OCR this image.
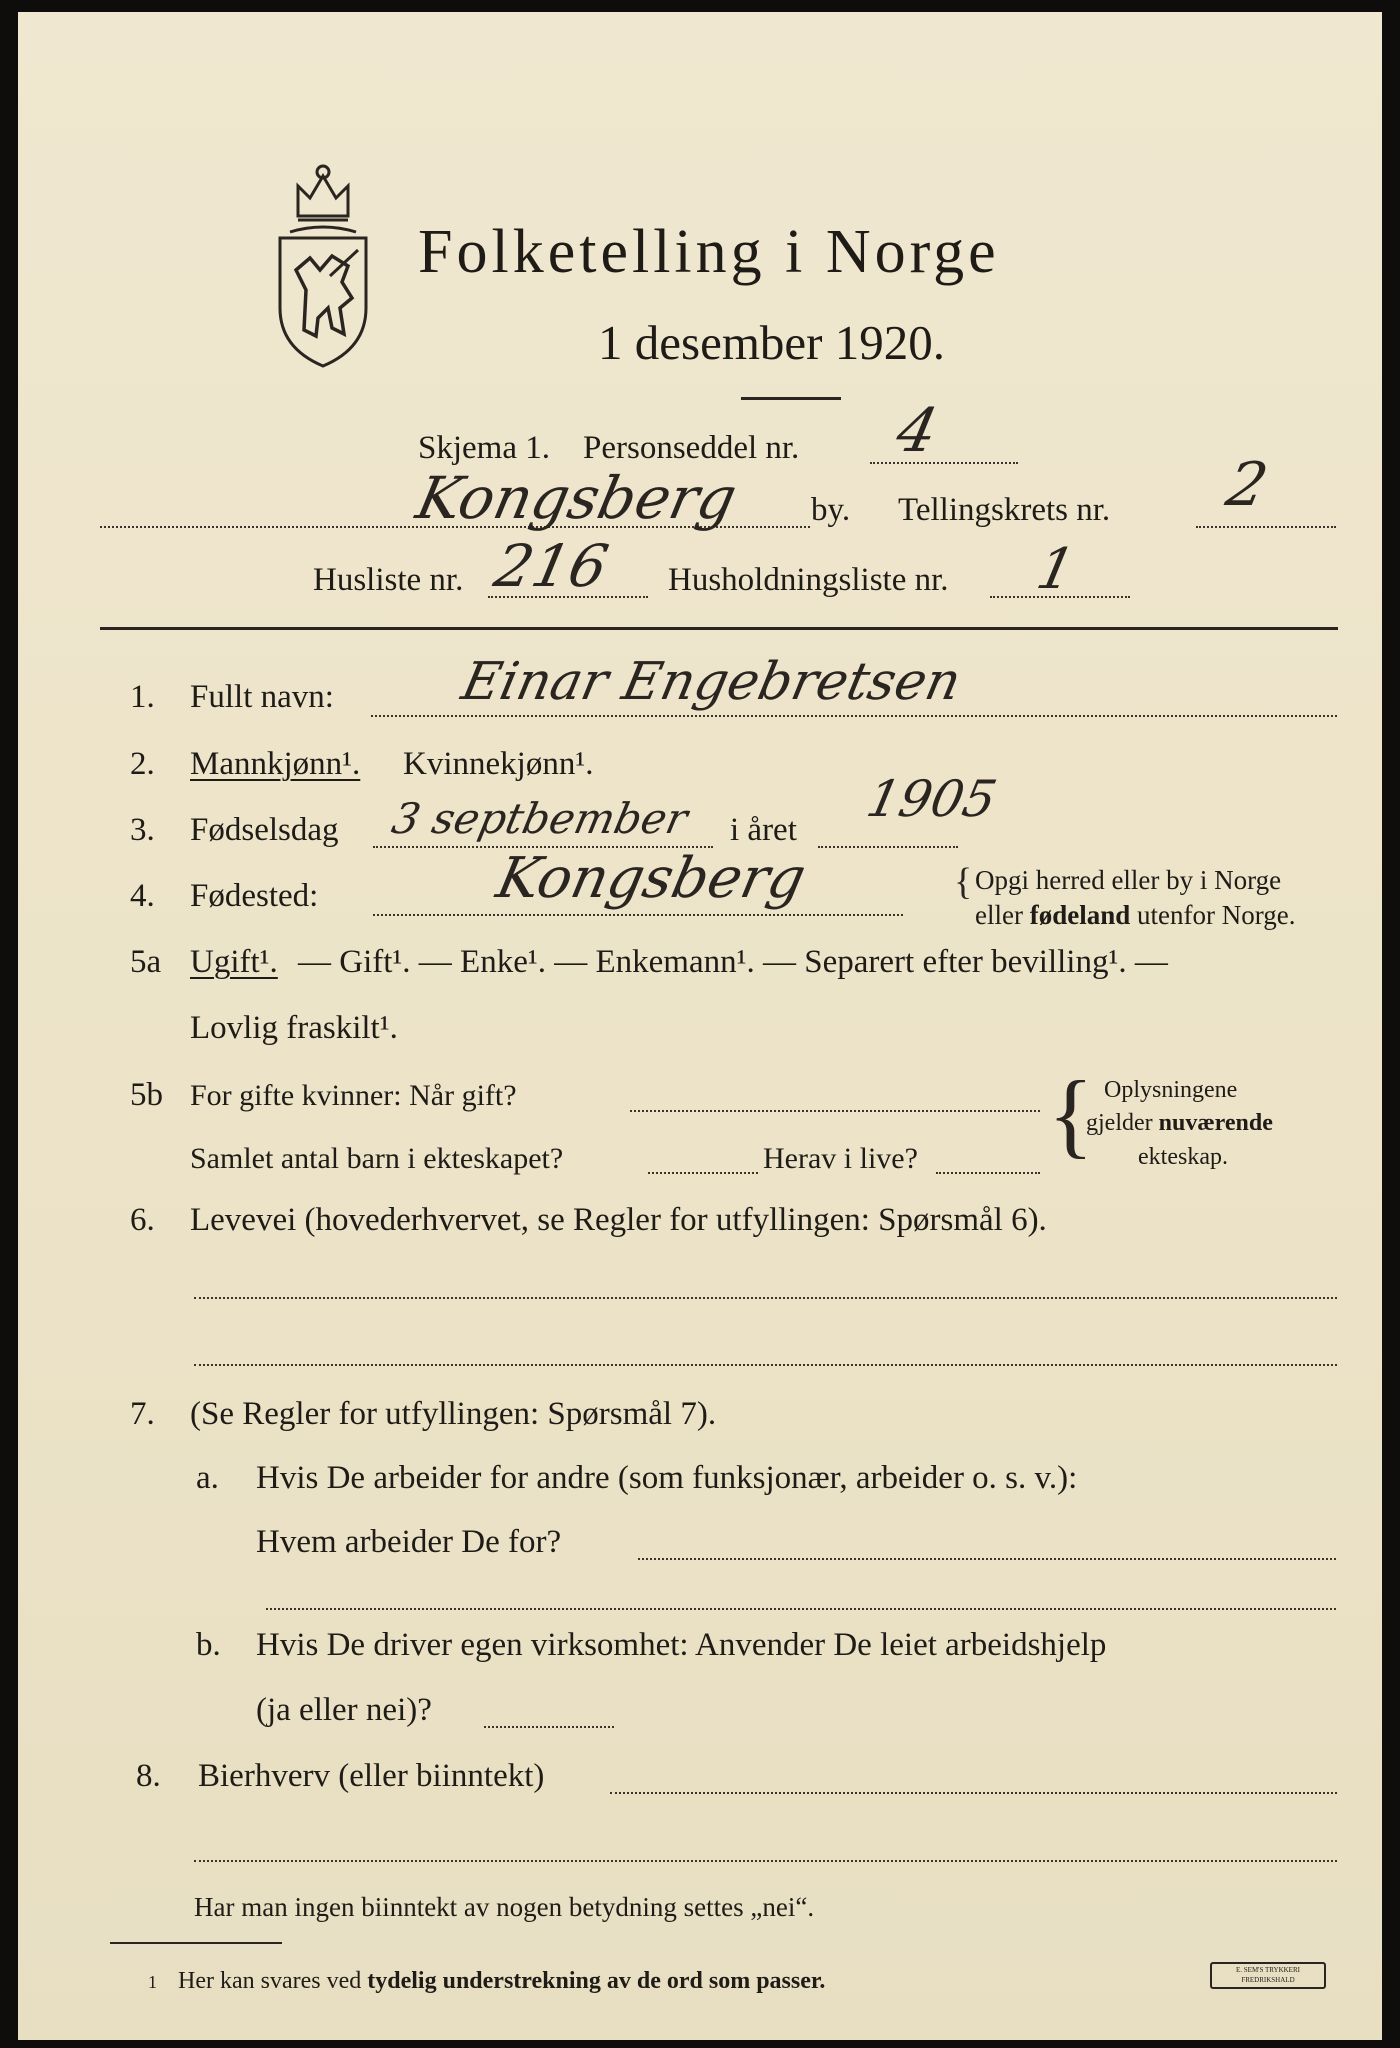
Folketelling i Norge
1 desember 1920.
Skjema 1. Personseddel nr. 4
Kongsberg by. Tellingskrets nr. 2
Husliste nr. 216 Husholdningsliste nr. 1
1. Fullt navn: Einar Engebretsen
2. Mannkjønn¹. Kvinnekjønn¹.
3. Fødselsdag 3 septbember i året
1905
4. Fødested:	Kongsberg	{ Opgi herred eller by i Norge
eller fødeland utenfor Norge.
5a Ugift¹. — Gift¹. — Enke¹. — Enkemann¹. — Separert efter bevilling¹. —
Lovlig fraskilt¹.
5b For gifte kvinner: Når gift?
Samlet antal barn i ekteskapet?	Herav i live? { Oplysningene
gjelder nuværende
ekteskap.
6. Levevei (hovederhvervet, se Regler for utfyllingen: Spørsmål 6).
7. (Se Regler for utfyllingen: Spørsmål 7).
a. Hvis De arbeider for andre (som funksjonær, arbeider o. s. v.):
Hvem arbeider De for?
b. Hvis De driver egen virksomhet: Anvender De leiet arbeidshjelp
(ja eller nei)?
8. Bierhverv (eller biinntekt)
Har man ingen biinntekt av nogen betydning settes „nei“.
1 Her kan svares ved tydelig understrekning av de ord som passer.	E. SEM'S TRYKKERI
FREDRIKSHALD
